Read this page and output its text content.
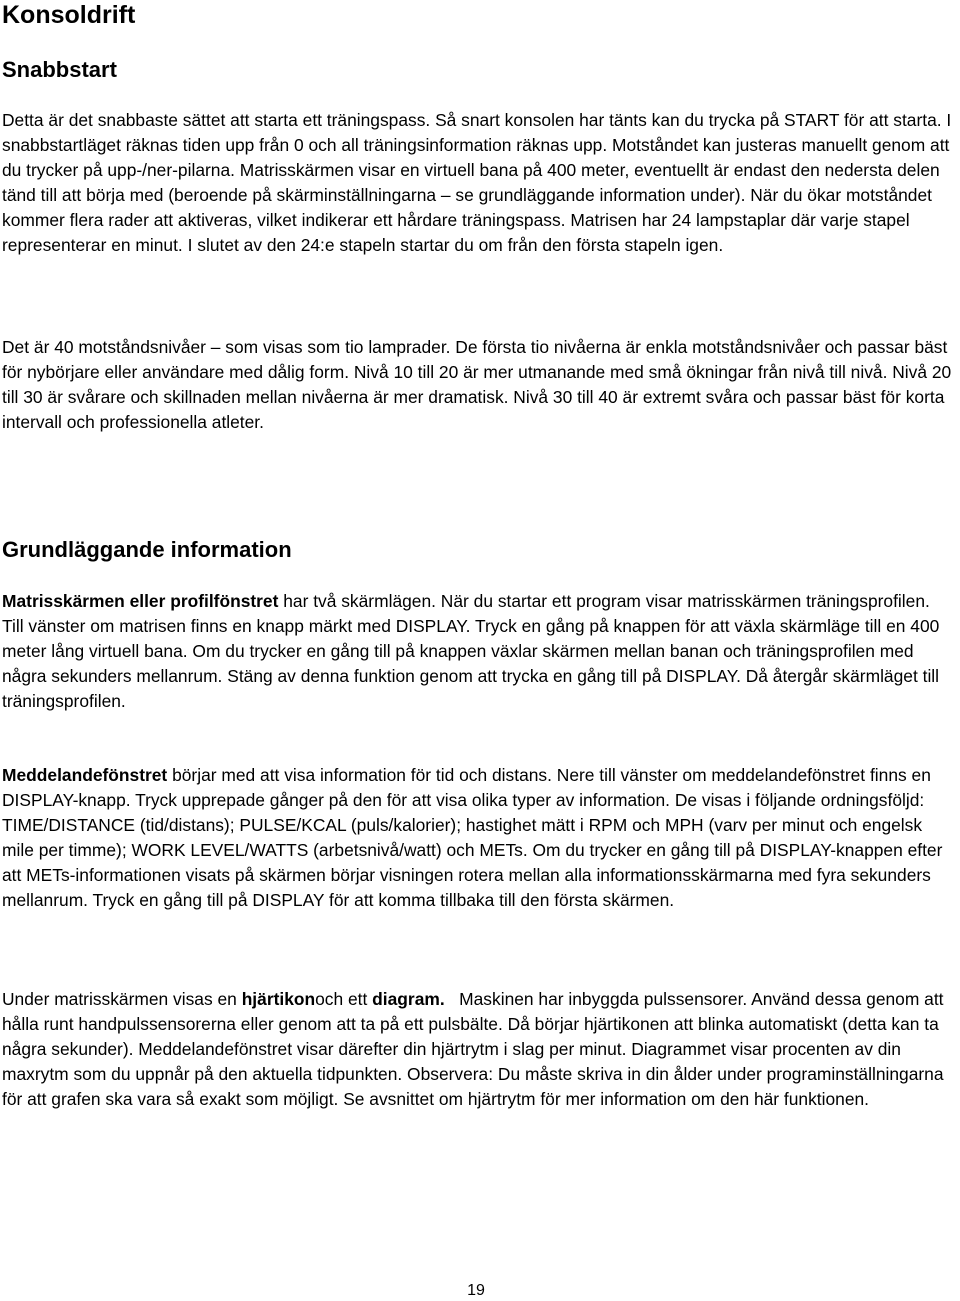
Konsoldrift
Snabbstart

Detta är det snabbaste sättet att starta ett träningspass. Så snart konsolen har tänts kan du trycka på START för att starta. I snabbstartläget räknas tiden upp från 0 och all träningsinformation räknas upp. Motståndet kan justeras manuellt genom att du trycker på upp-/ner-pilarna. Matrisskärmen visar en virtuell bana på 400 meter, eventuellt är endast den nedersta delen tänd till att börja med (beroende på skärminställningarna – se grundläggande information under). När du ökar motståndet kommer flera rader att aktiveras, vilket indikerar ett hårdare träningspass. Matrisen har 24 lampstaplar där varje stapel representerar en minut. I slutet av den 24:e stapeln startar du om från den första stapeln igen.

Det är 40 motståndsnivåer – som visas som tio lamprader. De första tio nivåerna är enkla motståndsnivåer och passar bäst för nybörjare eller användare med dålig form. Nivå 10 till 20 är mer utmanande med små ökningar från nivå till nivå. Nivå 20 till 30 är svårare och skillnaden mellan nivåerna är mer dramatisk. Nivå 30 till 40 är extremt svåra och passar bäst för korta intervall och professionella atleter.

Grundläggande information

Matrisskärmen eller profilfönstret har två skärmlägen. När du startar ett program visar matrisskärmen träningsprofilen. Till vänster om matrisen finns en knapp märkt med DISPLAY. Tryck en gång på knappen för att växla skärmläge till en 400 meter lång virtuell bana. Om du trycker en gång till på knappen växlar skärmen mellan banan och träningsprofilen med några sekunders mellanrum. Stäng av denna funktion genom att trycka en gång till på DISPLAY. Då återgår skärmläget till träningsprofilen.

Meddelandefönstret börjar med att visa information för tid och distans. Nere till vänster om meddelandefönstret finns en DISPLAY-knapp. Tryck upprepade gånger på den för att visa olika typer av information. De visas i följande ordningsföljd: TIME/DISTANCE (tid/distans); PULSE/KCAL (puls/kalorier); hastighet mätt i RPM och MPH (varv per minut och engelsk mile per timme); WORK LEVEL/WATTS (arbetsnivå/watt) och METs. Om du trycker en gång till på DISPLAY-knappen efter att METs-informationen visats på skärmen börjar visningen rotera mellan alla informationsskärmarna med fyra sekunders mellanrum. Tryck en gång till på DISPLAY för att komma tillbaka till den första skärmen.

Under matrisskärmen visas en hjärtikonoch ett diagram.   Maskinen har inbyggda pulssensorer. Använd dessa genom att hålla runt handpulssensorerna eller genom att ta på ett pulsbälte. Då börjar hjärtikonen att blinka automatiskt (detta kan ta några sekunder). Meddelandefönstret visar därefter din hjärtrytm i slag per minut. Diagrammet visar procenten av din maxrytm som du uppnår på den aktuella tidpunkten. Observera: Du måste skriva in din ålder under programinställningarna för att grafen ska vara så exakt som möjligt. Se avsnittet om hjärtrytm för mer information om den här funktionen.

19
